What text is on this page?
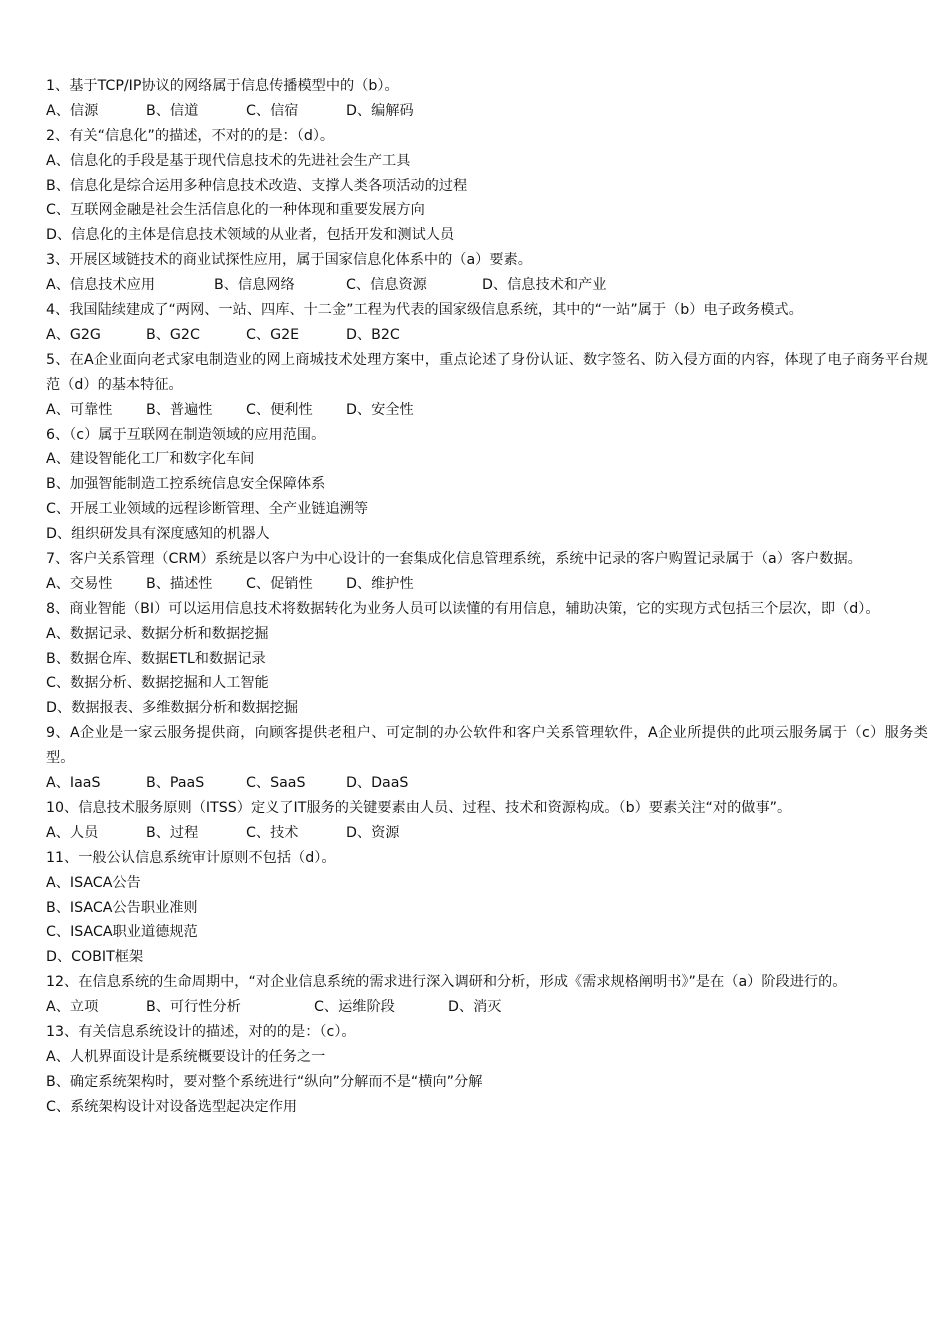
1、基于TCP/IP协议的网络属于信息传播模型中的（b）。
A、信源	B、信道	C、信宿	D、编解码
2、有关“信息化”的描述，不对的的是：（d）。
A、信息化的手段是基于现代信息技术的先进社会生产工具
B、信息化是综合运用多种信息技术改造、支撑人类各项活动的过程
C、互联网金融是社会生活信息化的一种体现和重要发展方向
D、信息化的主体是信息技术领域的从业者，包括开发和测试人员
3、开展区域链技术的商业试探性应用，属于国家信息化体系中的（a）要素。
A、信息技术应用	B、信息网络	C、信息资源	D、信息技术和产业
4、我国陆续建成了“两网、一站、四库、十二金”工程为代表的国家级信息系统，其中的“一站”属于（b）电子政务模式。
A、G2G	B、G2C	C、G2E	D、B2C
5、在A企业面向老式家电制造业的网上商城技术处理方案中，重点论述了身份认证、数字签名、防入侵方面的内容，体现了电子商务平台规范（d）的基本特征。
A、可靠性 B、普遍性 C、便利性 D、安全性
6、（c）属于互联网在制造领域的应用范围。
A、建设智能化工厂和数字化车间
B、加强智能制造工控系统信息安全保障体系
C、开展工业领域的远程诊断管理、全产业链追溯等
D、组织研发具有深度感知的机器人
7、客户关系管理（CRM）系统是以客户为中心设计的一套集成化信息管理系统，系统中记录的客户购置记录属于（a）客户数据。
A、交易性 B、描述性 C、促销性 D、维护性
8、商业智能（BI）可以运用信息技术将数据转化为业务人员可以读懂的有用信息，辅助决策，它的实现方式包括三个层次，即（d）。
A、数据记录、数据分析和数据挖掘
B、数据仓库、数据ETL和数据记录
C、数据分析、数据挖掘和人工智能
D、数据报表、多维数据分析和数据挖掘
9、A企业是一家云服务提供商，向顾客提供老租户、可定制的办公软件和客户关系管理软件，A企业所提供的此项云服务属于（c）服务类型。
A、IaaS	B、PaaS	C、SaaS	D、DaaS
10、信息技术服务原则（ITSS）定义了IT服务的关键要素由人员、过程、技术和资源构成。（b）要素关注“对的做事”。
A、人员	B、过程	C、技术	D、资源
11、一般公认信息系统审计原则不包括（d）。
A、ISACA公告
B、ISACA公告职业准则
C、ISACA职业道德规范
D、COBIT框架
12、在信息系统的生命周期中，“对企业信息系统的需求进行深入调研和分析，形成《需求规格阐明书》”是在（a）阶段进行的。
A、立项	B、可行性分析	C、运维阶段	D、消灭
13、有关信息系统设计的描述，对的的是：（c）。
A、人机界面设计是系统概要设计的任务之一
B、确定系统架构时，要对整个系统进行“纵向”分解而不是“横向”分解
C、系统架构设计对设备选型起决定作用
